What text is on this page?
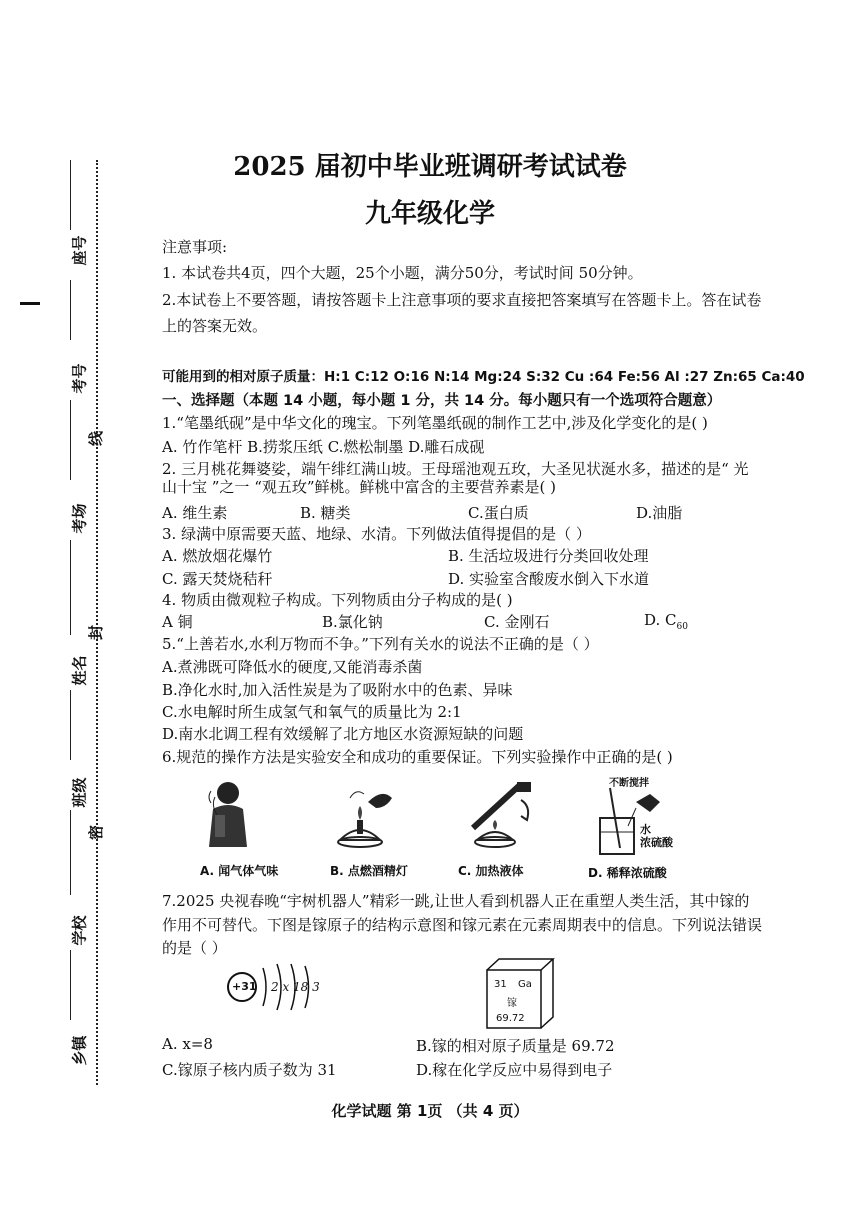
座号
考号
考场
姓名
班级
学校
乡镇
线
封
密
2025 届初中毕业班调研考试试卷
九年级化学
注意事项:
1. 本试卷共4页，四个大题，25个小题，满分50分，考试时间 50分钟。
2.本试卷上不要答题，请按答题卡上注意事项的要求直接把答案填写在答题卡上。答在试卷
上的答案无效。
可能用到的相对原子质量：H:1 C:12 O:16 N:14 Mg:24 S:32 Cu :64 Fe:56 Al :27 Zn:65 Ca:40
一、选择题（本题 14 小题，每小题 1 分，共 14 分。每小题只有一个选项符合题意）
1.“笔墨纸砚”是中华文化的瑰宝。下列笔墨纸砚的制作工艺中,涉及化学变化的是( )
A. 竹作笔杆 B.捞浆压纸 C.燃松制墨 D.雕石成砚
2. 三月桃花舞婆娑，端午绯红满山坡。王母瑶池观五玫，大圣见状涎水多，描述的是“ 光
山十宝 ”之一 “观五玫”鲜桃。鲜桃中富含的主要营养素是( )
A. 维生素	B. 糖类	C.蛋白质	D.油脂
3. 绿满中原需要天蓝、地绿、水清。下列做法值得提倡的是（ ）
A. 燃放烟花爆竹	B. 生活垃圾进行分类回收处理
C. 露天焚烧秸秆	D. 实验室含酸废水倒入下水道
4. 物质由微观粒子构成。下列物质由分子构成的是( )
A 铜	B.氯化钠	C. 金刚石	D. $C_{60}$
5.“上善若水,水利万物而不争。”下列有关水的说法不正确的是（ ）
A.煮沸既可降低水的硬度,又能消毒杀菌
B.净化水时,加入活性炭是为了吸附水中的色素、异味
C.水电解时所生成氢气和氧气的质量比为 2:1
D.南水北调工程有效缓解了北方地区水资源短缺的问题
6.规范的操作方法是实验安全和成功的重要保证。下列实验操作中正确的是( )
不断搅拌
水
浓硫酸
A. 闻气体气味	B. 点燃酒精灯	C. 加热液体	D. 稀释浓硫酸
7.2025 央视春晚“宇树机器人”精彩一跳,让世人看到机器人正在重塑人类生活，其中镓的
作用不可替代。下图是镓原子的结构示意图和镓元素在元素周期表中的信息。下列说法错误
的是（ ）
+31 2 x 18 3	31 Ga
镓
69.72
A. x=8	B.镓的相对原子质量是 69.72
C.镓原子核内质子数为 31	D.稼在化学反应中易得到电子
化学试题 第 1页 （共 4 页）
